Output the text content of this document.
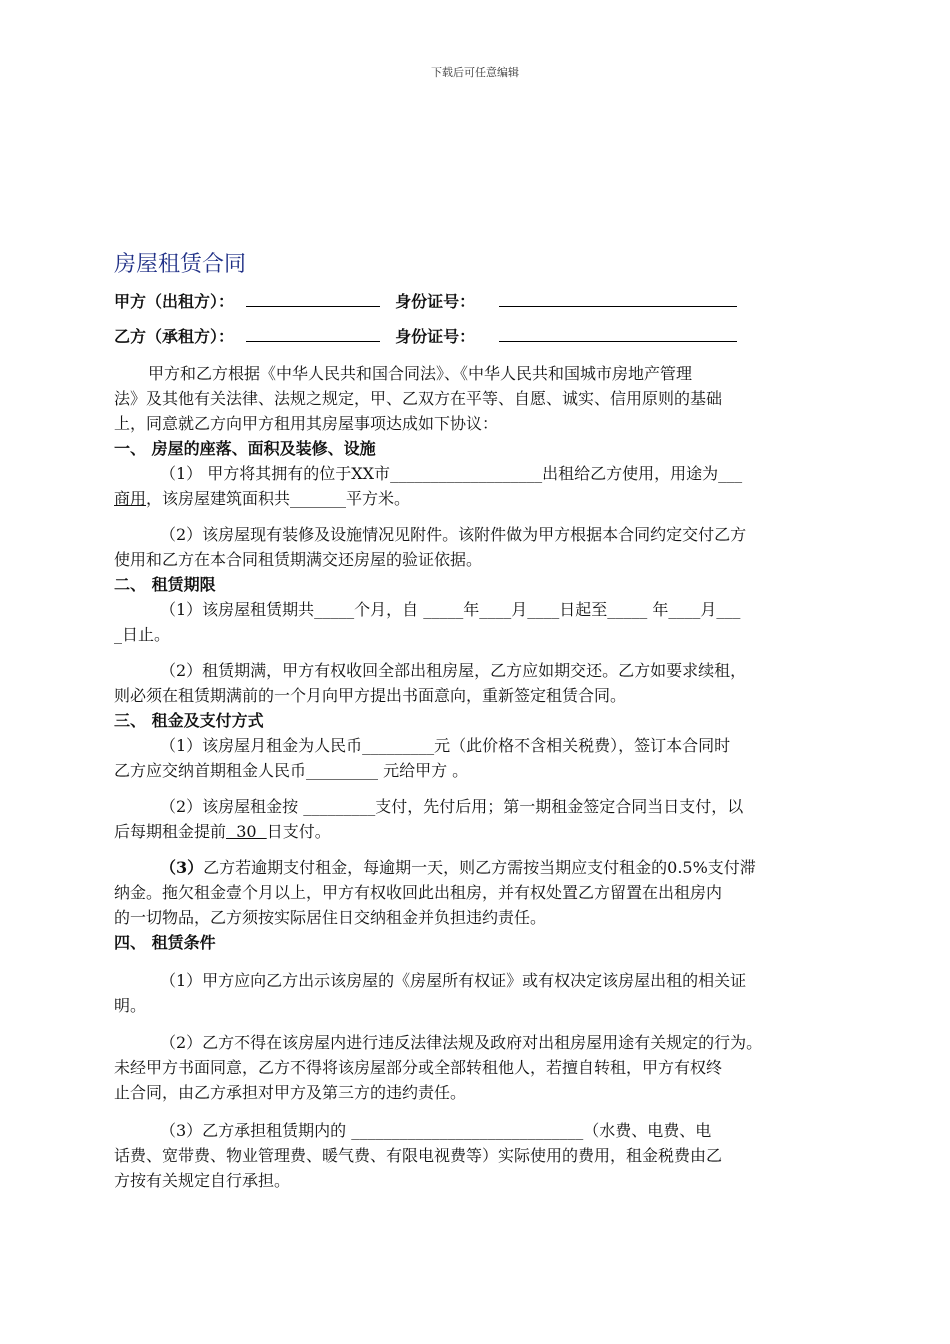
下载后可任意编辑
房屋租赁合同
甲方（出租方）：	身份证号：
乙方（承租方）：	身份证号：
甲方和乙方根据《中华人民共和国合同法》、《中华人民共和国城市房地产管理
法》及其他有关法律、法规之规定，甲、乙双方在平等、自愿、诚实、信用原则的基础
上，同意就乙方向甲方租用其房屋事项达成如下协议：
一、 房屋的座落、面积及装修、设施
（1） 甲方将其拥有的位于XX市___________________出租给乙方使用，用途为___
商用，该房屋建筑面积共_______平方米。
（2）该房屋现有装修及设施情况见附件。该附件做为甲方根据本合同约定交付乙方
使用和乙方在本合同租赁期满交还房屋的验证依据。
二、 租赁期限
（1）该房屋租赁期共_____个月，自 _____年____月____日起至_____ 年____月___
_日止。
（2）租赁期满，甲方有权收回全部出租房屋，乙方应如期交还。乙方如要求续租，
则必须在租赁期满前的一个月向甲方提出书面意向，重新签定租赁合同。
三、 租金及支付方式
（1）该房屋月租金为人民币_________元（此价格不含相关税费），签订本合同时
乙方应交纳首期租金人民币_________ 元给甲方 。
（2）该房屋租金按 _________支付，先付后用；第一期租金签定合同当日支付，以
后每期租金提前  30  日支付。
（3）乙方若逾期支付租金，每逾期一天，则乙方需按当期应支付租金的0.5%支付滞
纳金。拖欠租金壹个月以上，甲方有权收回此出租房，并有权处置乙方留置在出租房内
的一切物品，乙方须按实际居住日交纳租金并负担违约责任。
四、 租赁条件
（1）甲方应向乙方出示该房屋的《房屋所有权证》或有权决定该房屋出租的相关证
明。
（2）乙方不得在该房屋内进行违反法律法规及政府对出租房屋用途有关规定的行为。
未经甲方书面同意，乙方不得将该房屋部分或全部转租他人，若擅自转租，甲方有权终
止合同，由乙方承担对甲方及第三方的违约责任。
（3）乙方承担租赁期内的 _____________________________（水费、电费、电
话费、宽带费、物业管理费、暖气费、有限电视费等）实际使用的费用，租金税费由乙
方按有关规定自行承担。
